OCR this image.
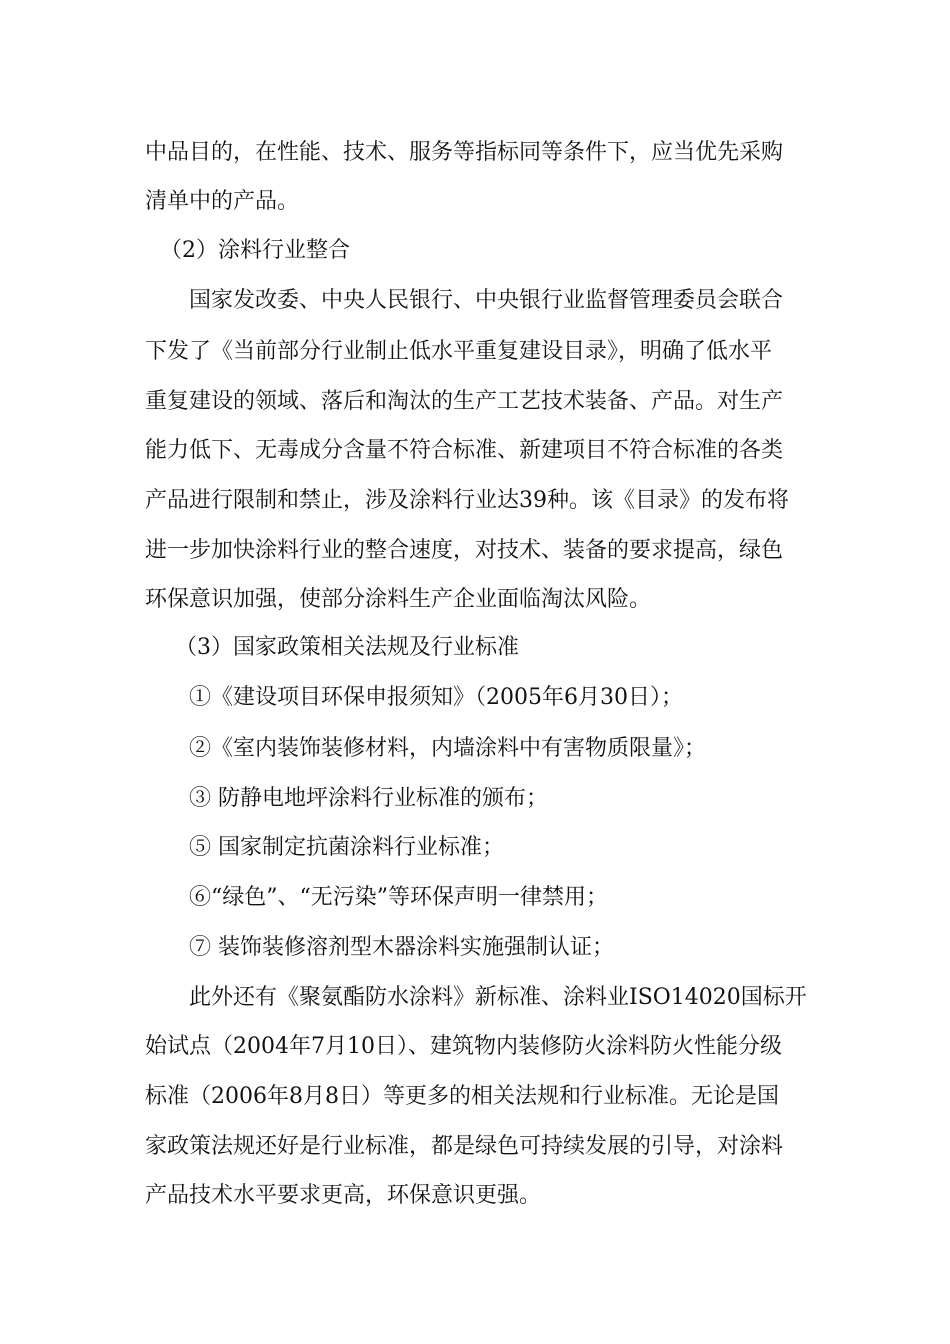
中品目的，在性能、技术、服务等指标同等条件下，应当优先采购
清单中的产品。
（2）涂料行业整合
国家发改委、中央人民银行、中央银行业监督管理委员会联合
下发了《当前部分行业制止低水平重复建设目录》，明确了低水平
重复建设的领域、落后和淘汰的生产工艺技术装备、产品。对生产
能力低下、无毒成分含量不符合标准、新建项目不符合标准的各类
产品进行限制和禁止，涉及涂料行业达39种。该《目录》的发布将
进一步加快涂料行业的整合速度，对技术、装备的要求提高，绿色
环保意识加强，使部分涂料生产企业面临淘汰风险。
（3）国家政策相关法规及行业标准
①《建设项目环保申报须知》（2005年6月30日）；
②《室内装饰装修材料，内墙涂料中有害物质限量》；
③ 防静电地坪涂料行业标准的颁布；
⑤ 国家制定抗菌涂料行业标准；
⑥“绿色”、“无污染”等环保声明一律禁用；
⑦ 装饰装修溶剂型木器涂料实施强制认证；
此外还有《聚氨酯防水涂料》新标准、涂料业ISO14020国标开
始试点（2004年7月10日）、建筑物内装修防火涂料防火性能分级
标准（2006年8月8日）等更多的相关法规和行业标准。无论是国
家政策法规还好是行业标准，都是绿色可持续发展的引导，对涂料
产品技术水平要求更高，环保意识更强。
